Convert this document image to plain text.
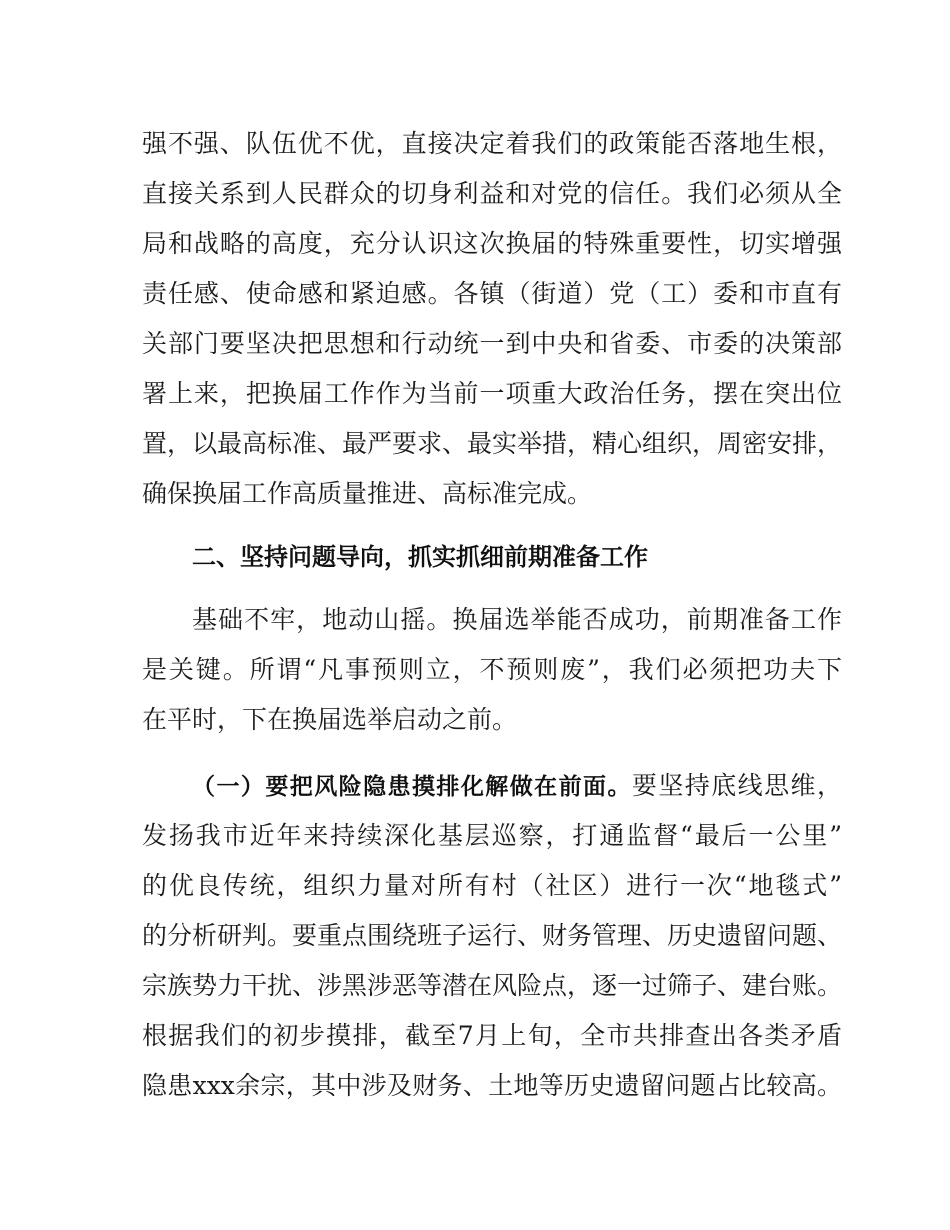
强不强、队伍优不优，直接决定着我们的政策能否落地生根，
直接关系到人民群众的切身利益和对党的信任。我们必须从全
局和战略的高度，充分认识这次换届的特殊重要性，切实增强
责任感、使命感和紧迫感。各镇（街道）党（工）委和市直有
关部门要坚决把思想和行动统一到中央和省委、市委的决策部
署上来，把换届工作作为当前一项重大政治任务，摆在突出位
置，以最高标准、最严要求、最实举措，精心组织，周密安排，
确保换届工作高质量推进、高标准完成。
二、坚持问题导向，抓实抓细前期准备工作
基础不牢，地动山摇。换届选举能否成功，前期准备工作
是关键。所谓“凡事预则立，不预则废”，我们必须把功夫下
在平时，下在换届选举启动之前。
（一）要把风险隐患摸排化解做在前面。要坚持底线思维，
发扬我市近年来持续深化基层巡察，打通监督“最后一公里”
的优良传统，组织力量对所有村（社区）进行一次“地毯式”
的分析研判。要重点围绕班子运行、财务管理、历史遗留问题、
宗族势力干扰、涉黑涉恶等潜在风险点，逐一过筛子、建台账。
根据我们的初步摸排，截至7月上旬，全市共排查出各类矛盾
隐患xxx余宗，其中涉及财务、土地等历史遗留问题占比较高。
